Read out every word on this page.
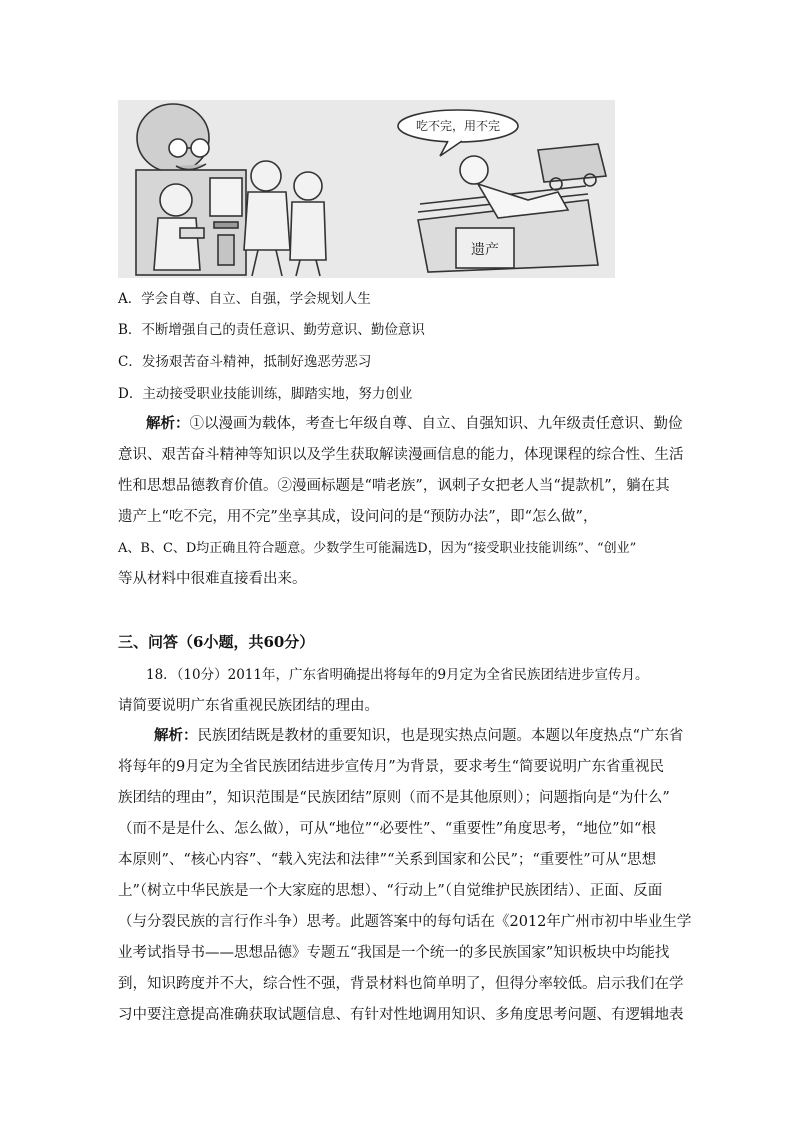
吃不完，用不完
遗产
A．学会自尊、自立、自强，学会规划人生
B．不断增强自己的责任意识、勤劳意识、勤俭意识
C．发扬艰苦奋斗精神，抵制好逸恶劳恶习
D．主动接受职业技能训练，脚踏实地，努力创业

解析：①以漫画为载体，考查七年级自尊、自立、自强知识、九年级责任意识、勤俭

意识、艰苦奋斗精神等知识以及学生获取解读漫画信息的能力，体现课程的综合性、生活

性和思想品德教育价值。②漫画标题是“啃老族”，讽刺子女把老人当“提款机”，躺在其

遗产上“吃不完，用不完”坐享其成，设问问的是“预防办法”，即“怎么做”，

A、B、C、D均正确且符合题意。少数学生可能漏选D，因为“接受职业技能训练”、“创业”

等从材料中很难直接看出来。

三、问答（6小题，共60分）

18．（10分）2011年，广东省明确提出将每年的9月定为全省民族团结进步宣传月。

请简要说明广东省重视民族团结的理由。

解析：民族团结既是教材的重要知识，也是现实热点问题。本题以年度热点“广东省

将每年的9月定为全省民族团结进步宣传月”为背景，要求考生“简要说明广东省重视民

族团结的理由”，知识范围是“民族团结”原则（而不是其他原则）；问题指向是“为什么”

（而不是是什么、怎么做），可从“地位”“必要性”、“重要性”角度思考，“地位”如“根

本原则”、“核心内容”、“载入宪法和法律”“关系到国家和公民”；“重要性”可从“思想

上”（树立中华民族是一个大家庭的思想）、“行动上”（自觉维护民族团结）、正面、反面

（与分裂民族的言行作斗争）思考。此题答案中的每句话在《2012年广州市初中毕业生学

业考试指导书——思想品德》专题五“我国是一个统一的多民族国家”知识板块中均能找

到，知识跨度并不大，综合性不强，背景材料也简单明了，但得分率较低。启示我们在学

习中要注意提高准确获取试题信息、有针对性地调用知识、多角度思考问题、有逻辑地表
